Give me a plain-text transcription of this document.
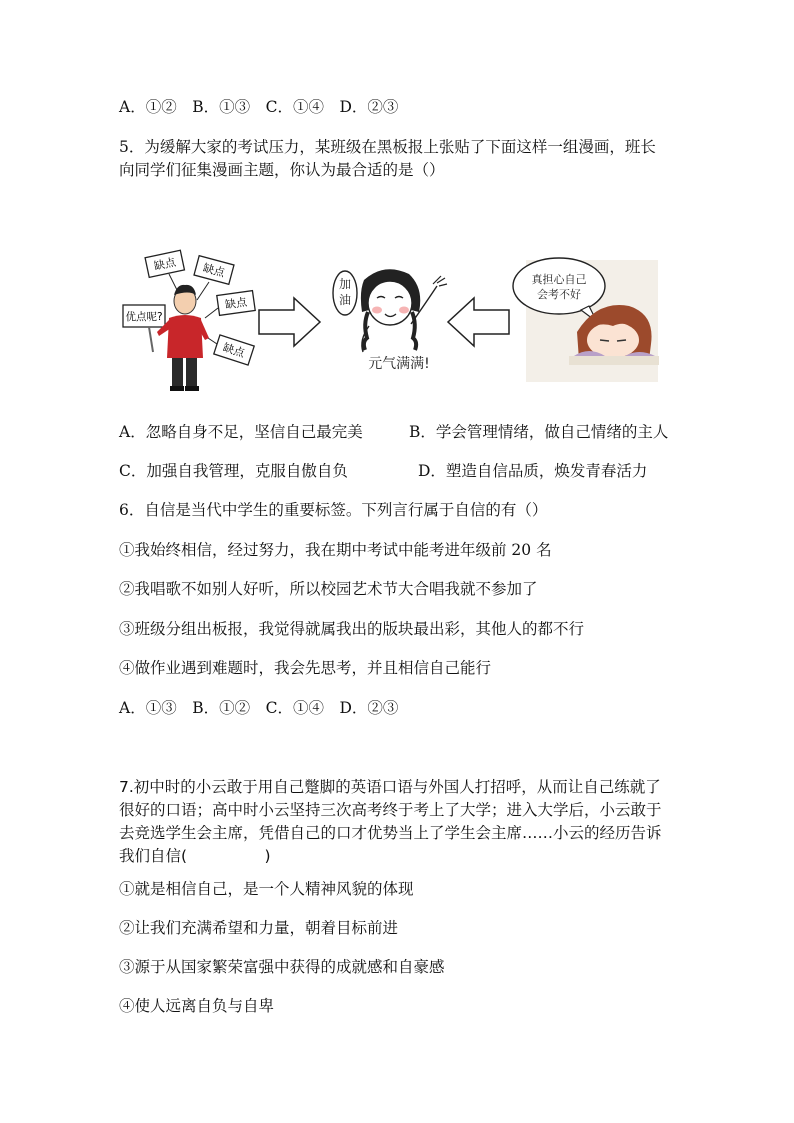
A．①②　B．①③　C．①④　D．②③
5．为缓解大家的考试压力，某班级在黑板报上张贴了下面这样一组漫画，班长
向同学们征集漫画主题，你认为最合适的是（）
缺点 缺点
缺点
缺点
优点呢?
加
油
元气满满!
真担心自己
会考不好
A．忽略自身不足，坚信自己最完美	B．学会管理情绪，做自己情绪的主人
C．加强自我管理，克服自傲自负	D．塑造自信品质，焕发青春活力
6．自信是当代中学生的重要标签。下列言行属于自信的有（）
①我始终相信，经过努力，我在期中考试中能考进年级前 20 名
②我唱歌不如别人好听，所以校园艺术节大合唱我就不参加了
③班级分组出板报，我觉得就属我出的版块最出彩，其他人的都不行
④做作业遇到难题时，我会先思考，并且相信自己能行
A．①③　B．①②　C．①④　D．②③
7.初中时的小云敢于用自己蹩脚的英语口语与外国人打招呼，从而让自己练就了
很好的口语；高中时小云坚持三次高考终于考上了大学；进入大学后，小云敢于
去竞选学生会主席，凭借自己的口才优势当上了学生会主席……小云的经历告诉
我们自信(　　　　　)
①就是相信自己，是一个人精神风貌的体现
②让我们充满希望和力量，朝着目标前进
③源于从国家繁荣富强中获得的成就感和自豪感
④使人远离自负与自卑
